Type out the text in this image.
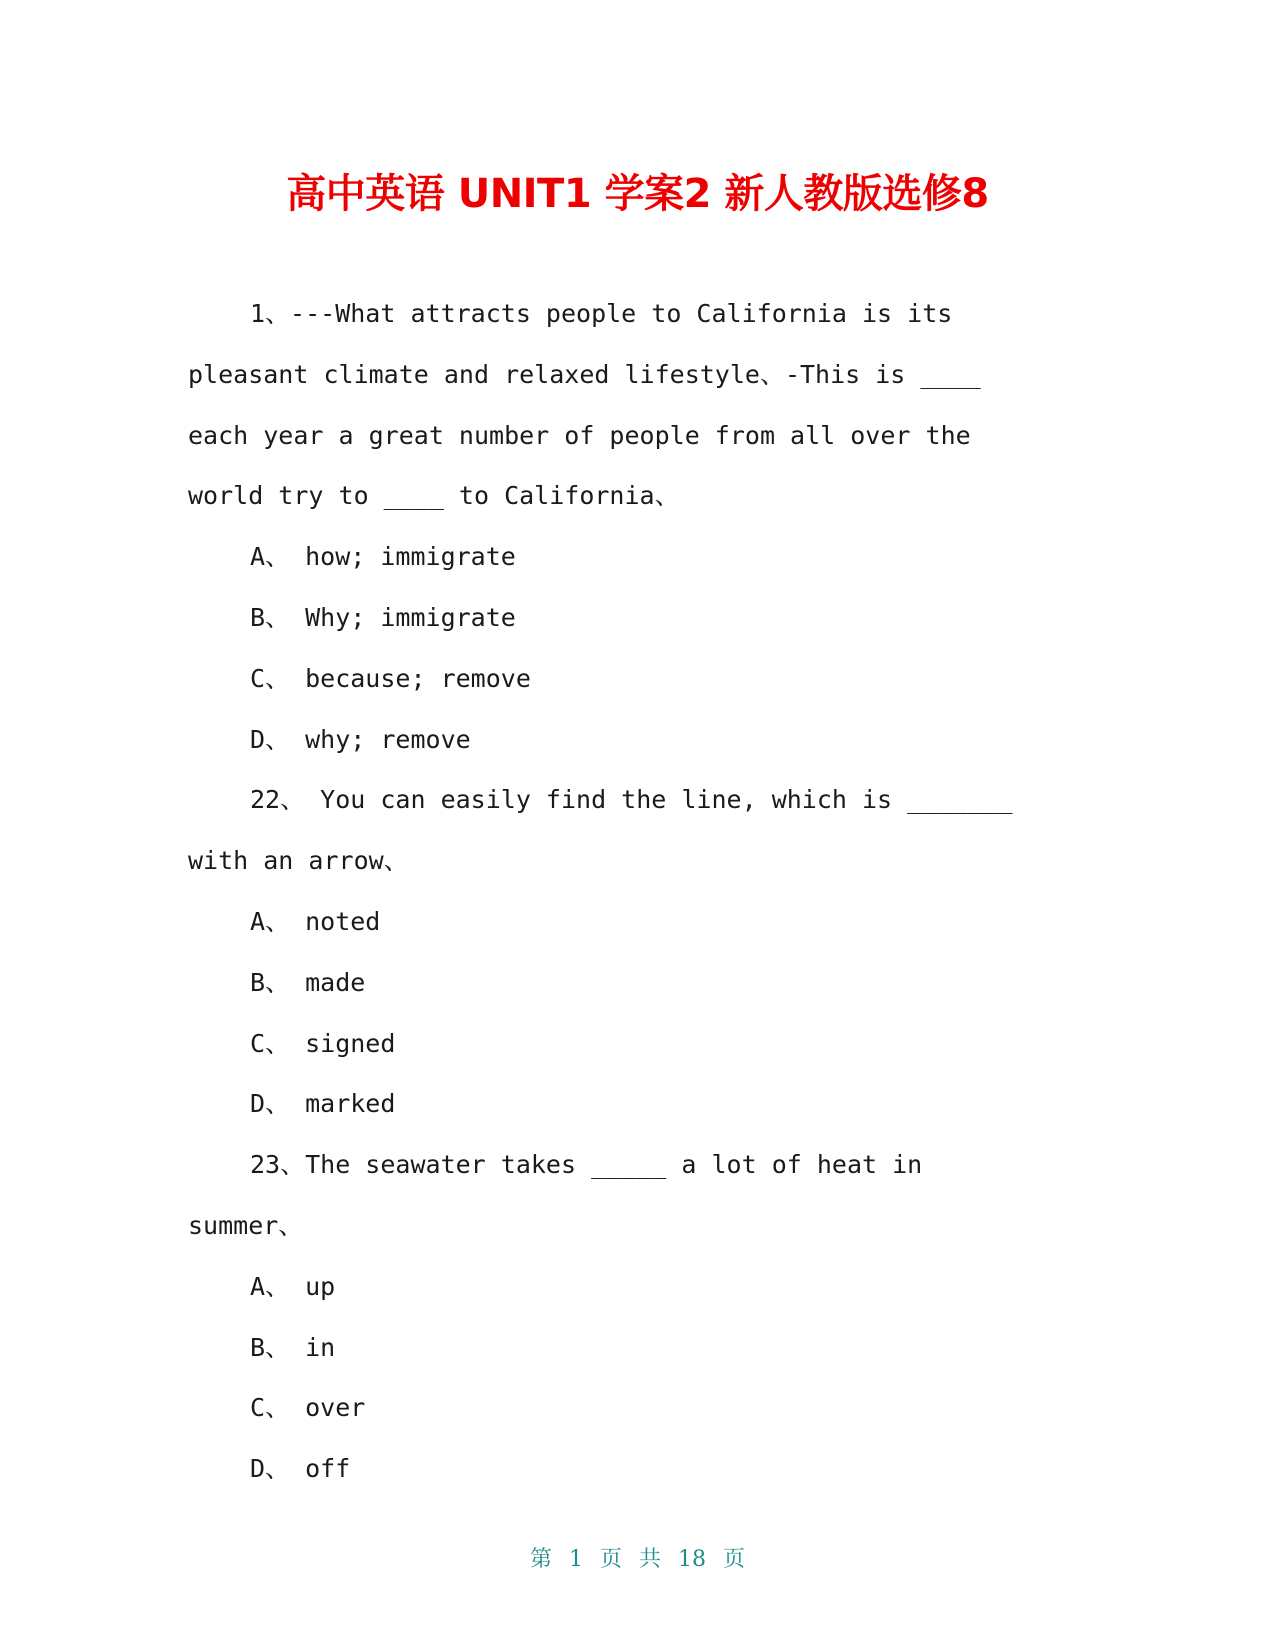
高中英语 UNIT1 学案2 新人教版选修8
1、---What attracts people to California is its
pleasant climate and relaxed lifestyle、-This is ____
each year a great number of people from all over the
world try to ____ to California、
A、 how; immigrate
B、 Why; immigrate
C、 because; remove
D、 why; remove
22、 You can easily find the line, which is _______
with an arrow、
A、 noted
B、 made
C、 signed
D、 marked
23、The seawater takes _____ a lot of heat in
summer、
A、 up
B、 in
C、 over
D、 off
第 1 页 共 18 页
